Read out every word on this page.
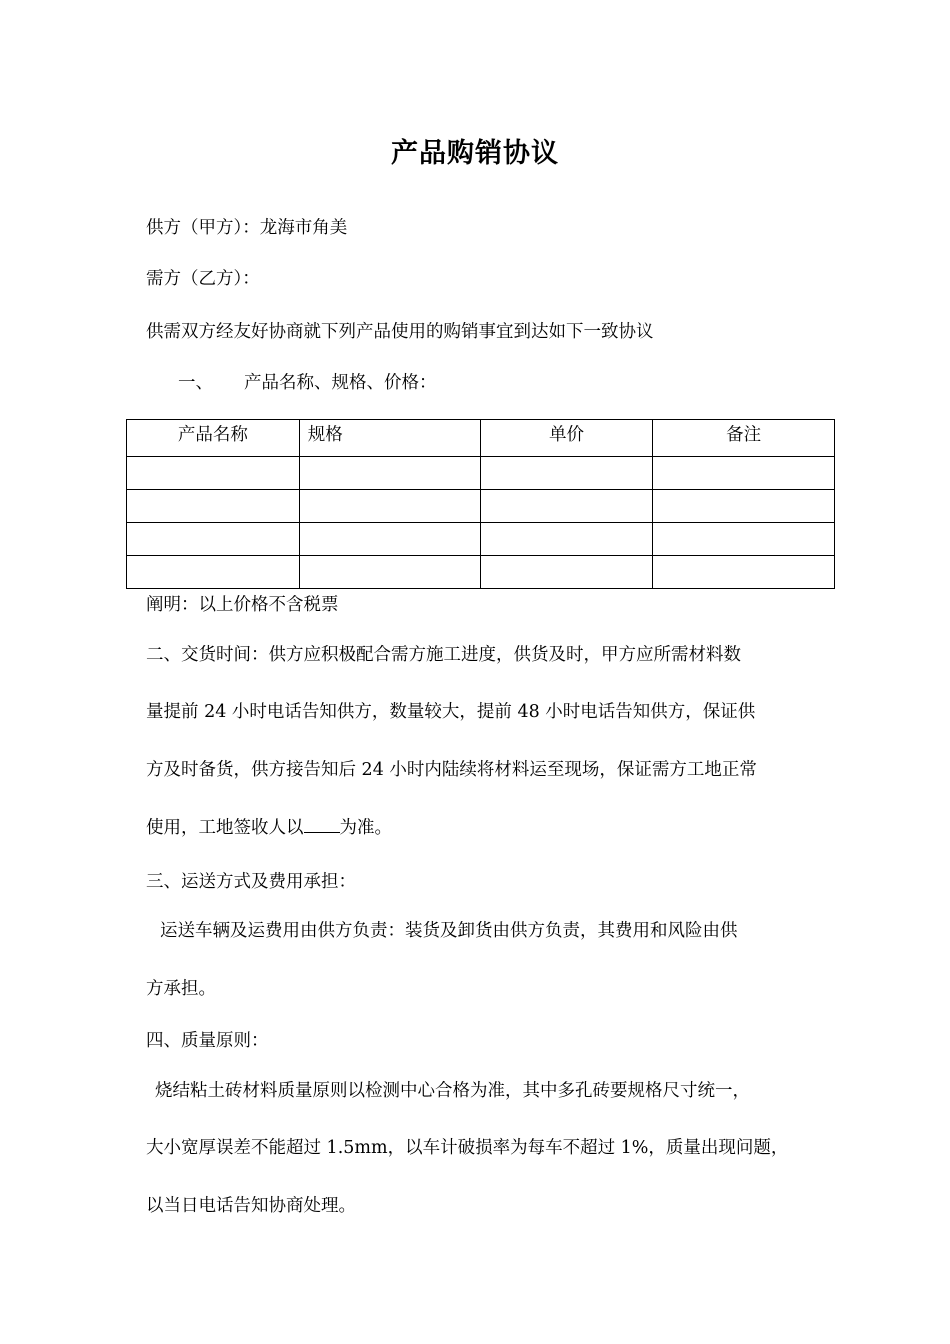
产品购销协议
供方（甲方）：龙海市角美
需方（乙方）：
供需双方经友好协商就下列产品使用的购销事宜到达如下一致协议
一、 产品名称、规格、价格：
产品名称	规格	单价	备注

阐明：以上价格不含税票
二、交货时间：供方应积极配合需方施工进度，供货及时，甲方应所需材料数
量提前 24 小时电话告知供方，数量较大，提前 48 小时电话告知供方，保证供
方及时备货，供方接告知后 24 小时内陆续将材料运至现场，保证需方工地正常
使用，工地签收人以 为准。
三、运送方式及费用承担：
运送车辆及运费用由供方负责：装货及卸货由供方负责，其费用和风险由供
方承担。
四、质量原则：
烧结粘土砖材料质量原则以检测中心合格为准，其中多孔砖要规格尺寸统一，
大小宽厚误差不能超过 1.5mm，以车计破损率为每车不超过 1%，质量出现问题，
以当日电话告知协商处理。
